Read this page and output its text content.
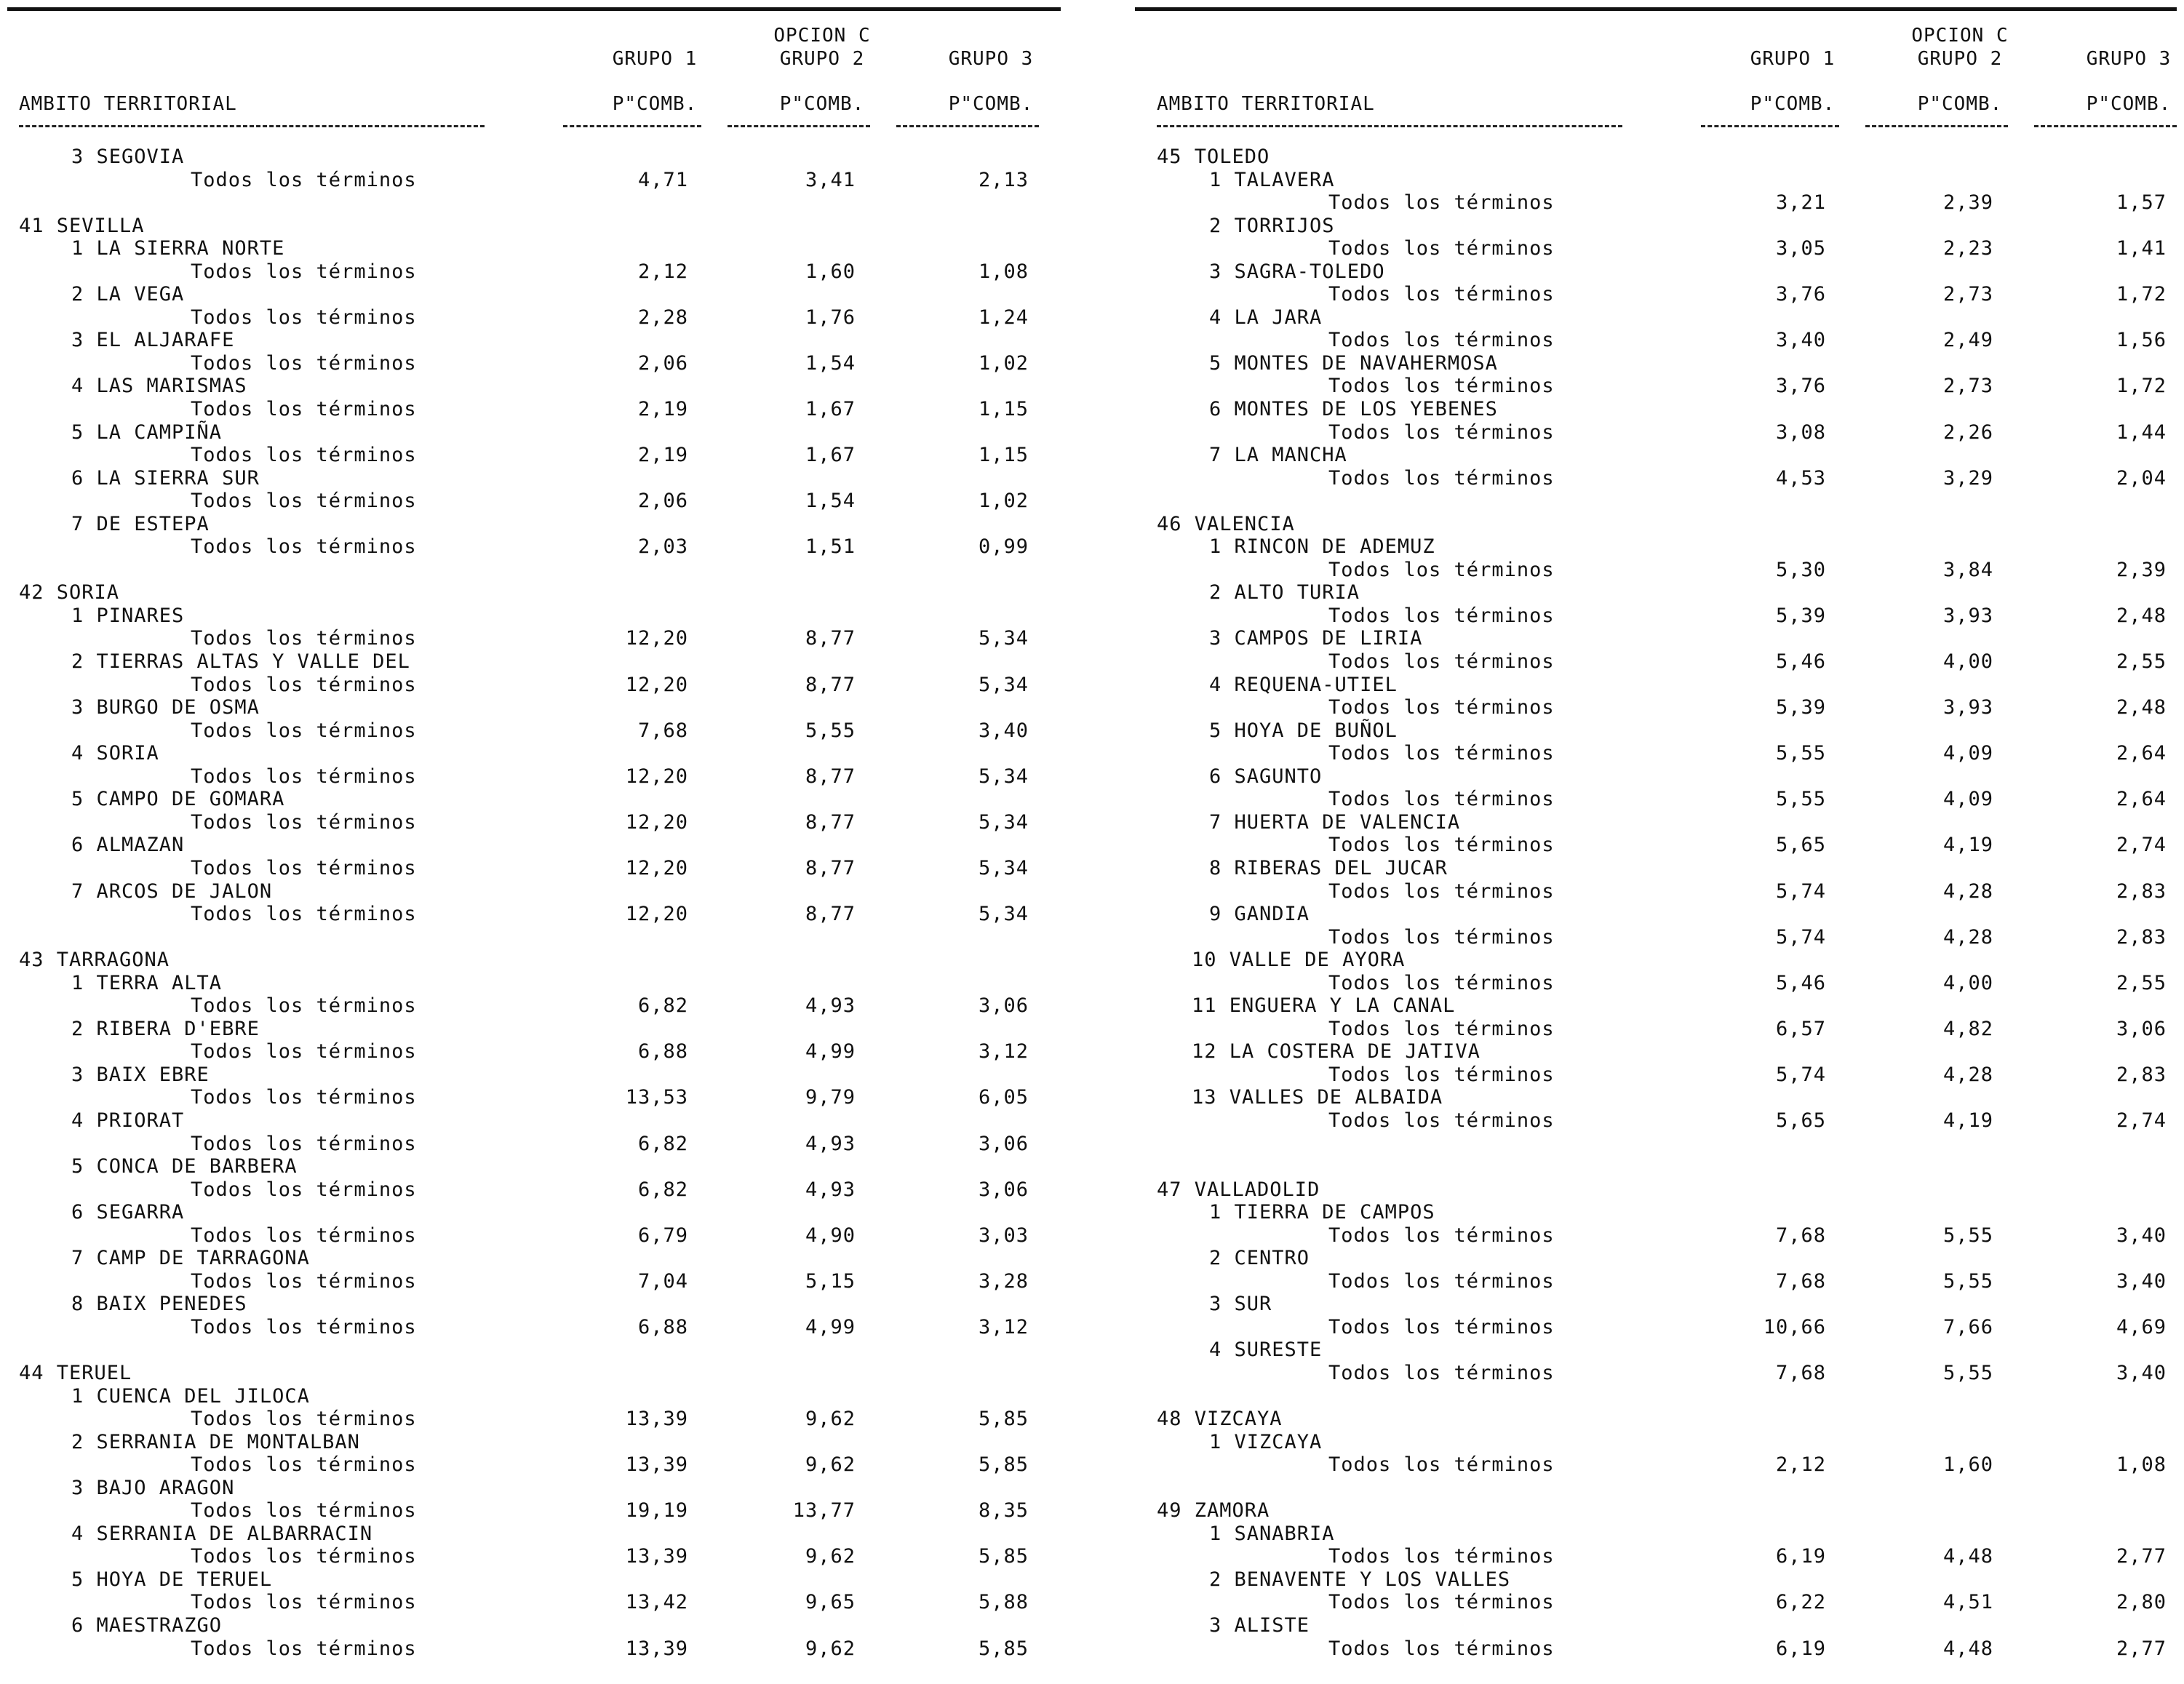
OPCION C
GRUPO 1	GRUPO 2	GRUPO 3
AMBITO TERRITORIAL	P"COMB.	P"COMB.	P"COMB.
3 SEGOVIA
Todos los términos	4,71	3,41	2,13
41 SEVILLA
1 LA SIERRA NORTE
Todos los términos	2,12	1,60	1,08
2 LA VEGA
Todos los términos	2,28	1,76	1,24
3 EL ALJARAFE
Todos los términos	2,06	1,54	1,02
4 LAS MARISMAS
Todos los términos	2,19	1,67	1,15
5 LA CAMPIÑA
Todos los términos	2,19	1,67	1,15
6 LA SIERRA SUR
Todos los términos	2,06	1,54	1,02
7 DE ESTEPA
Todos los términos	2,03	1,51	0,99
42 SORIA
1 PINARES
Todos los términos	12,20	8,77	5,34
2 TIERRAS ALTAS Y VALLE DEL
Todos los términos	12,20	8,77	5,34
3 BURGO DE OSMA
Todos los términos	7,68	5,55	3,40
4 SORIA
Todos los términos	12,20	8,77	5,34
5 CAMPO DE GOMARA
Todos los términos	12,20	8,77	5,34
6 ALMAZAN
Todos los términos	12,20	8,77	5,34
7 ARCOS DE JALON
Todos los términos	12,20	8,77	5,34
43 TARRAGONA
1 TERRA ALTA
Todos los términos	6,82	4,93	3,06
2 RIBERA D'EBRE
Todos los términos	6,88	4,99	3,12
3 BAIX EBRE
Todos los términos	13,53	9,79	6,05
4 PRIORAT
Todos los términos	6,82	4,93	3,06
5 CONCA DE BARBERA
Todos los términos	6,82	4,93	3,06
6 SEGARRA
Todos los términos	6,79	4,90	3,03
7 CAMP DE TARRAGONA
Todos los términos	7,04	5,15	3,28
8 BAIX PENEDES
Todos los términos	6,88	4,99	3,12
44 TERUEL
1 CUENCA DEL JILOCA
Todos los términos	13,39	9,62	5,85
2 SERRANIA DE MONTALBAN
Todos los términos	13,39	9,62	5,85
3 BAJO ARAGON
Todos los términos	19,19	13,77	8,35
4 SERRANIA DE ALBARRACIN
Todos los términos	13,39	9,62	5,85
5 HOYA DE TERUEL
Todos los términos	13,42	9,65	5,88
6 MAESTRAZGO
Todos los términos	13,39	9,62	5,85
OPCION C
GRUPO 1	GRUPO 2	GRUPO 3
AMBITO TERRITORIAL	P"COMB.	P"COMB.	P"COMB.
45 TOLEDO
1 TALAVERA
Todos los términos	3,21	2,39	1,57
2 TORRIJOS
Todos los términos	3,05	2,23	1,41
3 SAGRA-TOLEDO
Todos los términos	3,76	2,73	1,72
4 LA JARA
Todos los términos	3,40	2,49	1,56
5 MONTES DE NAVAHERMOSA
Todos los términos	3,76	2,73	1,72
6 MONTES DE LOS YEBENES
Todos los términos	3,08	2,26	1,44
7 LA MANCHA
Todos los términos	4,53	3,29	2,04
46 VALENCIA
1 RINCON DE ADEMUZ
Todos los términos	5,30	3,84	2,39
2 ALTO TURIA
Todos los términos	5,39	3,93	2,48
3 CAMPOS DE LIRIA
Todos los términos	5,46	4,00	2,55
4 REQUENA-UTIEL
Todos los términos	5,39	3,93	2,48
5 HOYA DE BUÑOL
Todos los términos	5,55	4,09	2,64
6 SAGUNTO
Todos los términos	5,55	4,09	2,64
7 HUERTA DE VALENCIA
Todos los términos	5,65	4,19	2,74
8 RIBERAS DEL JUCAR
Todos los términos	5,74	4,28	2,83
9 GANDIA
Todos los términos	5,74	4,28	2,83
10 VALLE DE AYORA
Todos los términos	5,46	4,00	2,55
11 ENGUERA Y LA CANAL
Todos los términos	6,57	4,82	3,06
12 LA COSTERA DE JATIVA
Todos los términos	5,74	4,28	2,83
13 VALLES DE ALBAIDA
Todos los términos	5,65	4,19	2,74
47 VALLADOLID
1 TIERRA DE CAMPOS
Todos los términos	7,68	5,55	3,40
2 CENTRO
Todos los términos	7,68	5,55	3,40
3 SUR
Todos los términos	10,66	7,66	4,69
4 SURESTE
Todos los términos	7,68	5,55	3,40
48 VIZCAYA
1 VIZCAYA
Todos los términos	2,12	1,60	1,08
49 ZAMORA
1 SANABRIA
Todos los términos	6,19	4,48	2,77
2 BENAVENTE Y LOS VALLES
Todos los términos	6,22	4,51	2,80
3 ALISTE
Todos los términos	6,19	4,48	2,77
